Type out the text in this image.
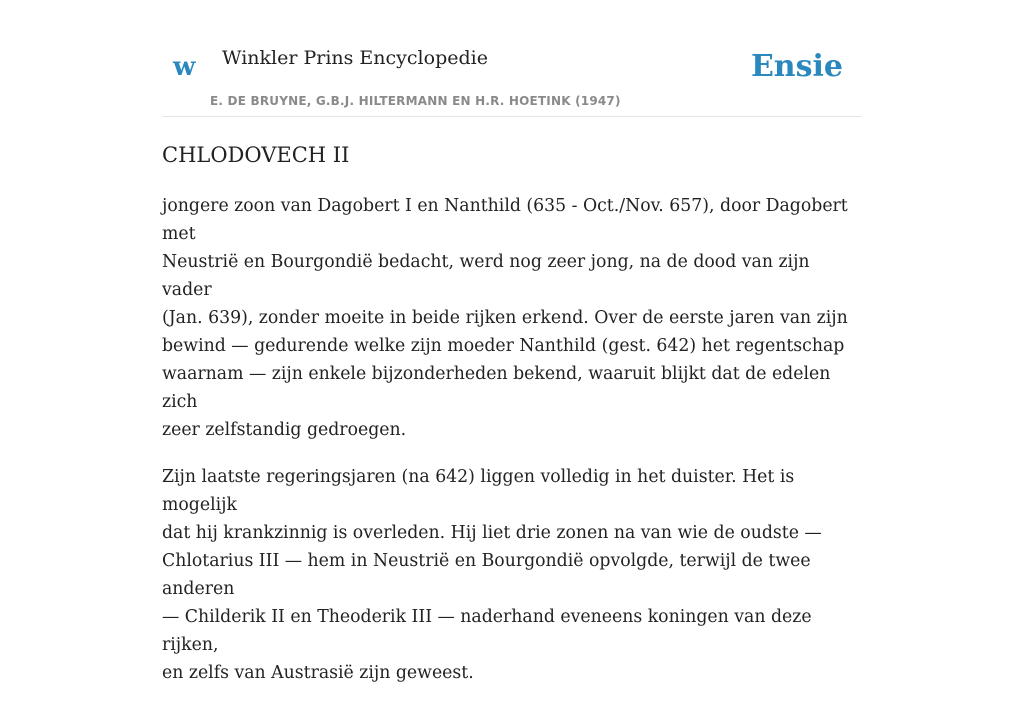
w Winkler Prins Encyclopedie
E. DE BRUYNE, G.B.J. HILTERMANN EN H.R. HOETINK (1947)
Ensie
CHLODOVECH II

jongere zoon van Dagobert I en Nanthild (635 - Oct./Nov. 657), door Dagobert met
Neustrië en Bourgondië bedacht, werd nog zeer jong, na de dood van zijn vader
(Jan. 639), zonder moeite in beide rijken erkend. Over de eerste jaren van zijn
bewind — gedurende welke zijn moeder Nanthild (gest. 642) het regentschap
waarnam — zijn enkele bijzonderheden bekend, waaruit blijkt dat de edelen zich
zeer zelfstandig gedroegen.

Zijn laatste regeringsjaren (na 642) liggen volledig in het duister. Het is mogelijk
dat hij krankzinnig is overleden. Hij liet drie zonen na van wie de oudste —
Chlotarius III — hem in Neustrië en Bourgondië opvolgde, terwijl de twee anderen
— Childerik II en Theoderik III — naderhand eveneens koningen van deze rijken,
en zelfs van Austrasië zijn geweest.
